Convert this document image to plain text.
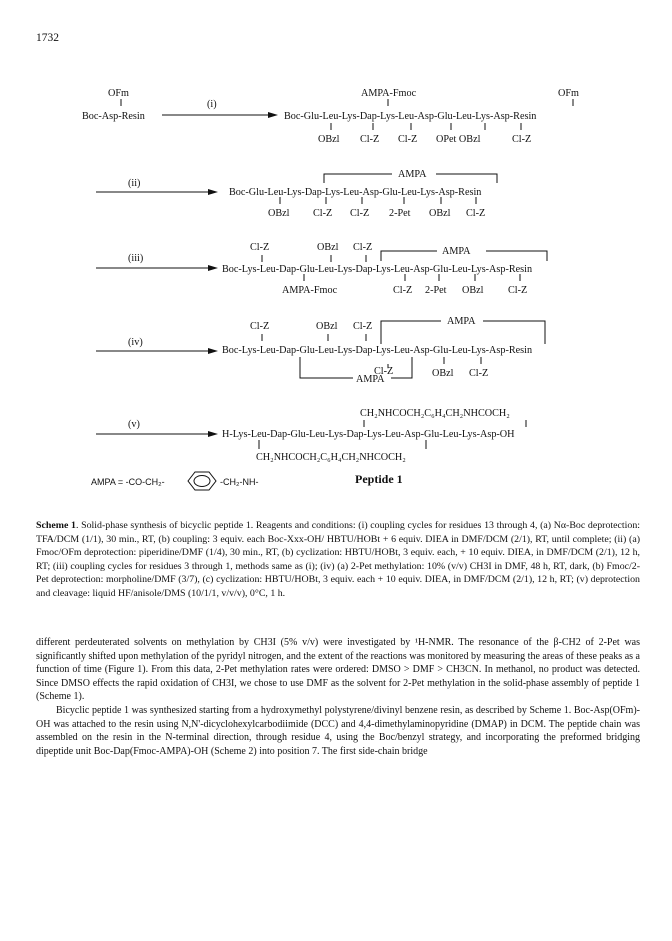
1732
(i)
(ii)
(iii)
(iv)
(v)
OFm
Boc-Asp-Resin
AMPA-Fmoc	OFm
Boc-Glu-Leu-Lys-Dap-Lys-Leu-Asp-Glu-Leu-Lys-Asp-Resin
OBzl Cl-Z Cl-Z OPet OBzl	Cl-Z
AMPA
Boc-Glu-Leu-Lys-Dap-Lys-Leu-Asp-Glu-Leu-Lys-Asp-Resin
OBzl Cl-Z Cl-Z 2-Pet OBzl Cl-Z
Cl-Z	OBzl Cl-Z	AMPA
Boc-Lys-Leu-Dap-Glu-Leu-Lys-Dap-Lys-Leu-Asp-Glu-Leu-Lys-Asp-Resin
AMPA-Fmoc	Cl-Z 2-Pet OBzl Cl-Z
Cl-Z	OBzl Cl-Z	AMPA
Boc-Lys-Leu-Dap-Glu-Leu-Lys-Dap-Lys-Leu-Asp-Glu-Leu-Lys-Asp-Resin
Cl-Z
AMPA
OBzl Cl-Z
CH₂NHCOCH₂C₆H₄CH₂NHCOCH₂
H-Lys-Leu-Dap-Glu-Leu-Lys-Dap-Lys-Leu-Asp-Glu-Leu-Lys-Asp-OH
CH₂NHCOCH₂C₆H₄CH₂NHCOCH₂
AMPA = -CO-CH₂-	-CH₂-NH-	Peptide 1
Scheme 1. Solid-phase synthesis of bicyclic peptide 1. Reagents and conditions: (i) coupling cycles for residues 13 through 4, (a) Nα-Boc deprotection: TFA/DCM (1/1), 30 min., RT, (b) coupling: 3 equiv. each Boc-Xxx-OH/ HBTU/HOBt + 6 equiv. DIEA in DMF/DCM (2/1), RT, until complete; (ii) (a) Fmoc/OFm deprotection: piperidine/DMF (1/4), 30 min., RT, (b) cyclization: HBTU/HOBt, 3 equiv. each, + 10 equiv. DIEA, in DMF/DCM (2/1), 12 h, RT; (iii) coupling cycles for residues 3 through 1, methods same as (i); (iv) (a) 2-Pet methylation: 10% (v/v) CH3I in DMF, 48 h, RT, dark, (b) Fmoc/2-Pet deprotection: morpholine/DMF (3/7), (c) cyclization: HBTU/HOBt, 3 equiv. each + 10 equiv. DIEA, in DMF/DCM (2/1), 12 h, RT; (v) deprotection and cleavage: liquid HF/anisole/DMS (10/1/1, v/v/v), 0°C, 1 h.

different perdeuterated solvents on methylation by CH3I (5% v/v) were investigated by ¹H-NMR. The resonance of the β-CH2 of 2-Pet was significantly shifted upon methylation of the pyridyl nitrogen, and the extent of the reactions was monitored by measuring the areas of these peaks as a function of time (Figure 1). From this data, 2-Pet methylation rates were ordered: DMSO > DMF > CH3CN. In methanol, no product was detected. Since DMSO effects the rapid oxidation of CH3I, we chose to use DMF as the solvent for 2-Pet methylation in the solid-phase assembly of peptide 1 (Scheme 1).

Bicyclic peptide 1 was synthesized starting from a hydroxymethyl polystyrene/divinyl benzene resin, as described by Scheme 1. Boc-Asp(OFm)-OH was attached to the resin using N,N'-dicyclohexylcarbodiimide (DCC) and 4,4-dimethylaminopyridine (DMAP) in DCM. The peptide chain was assembled on the resin in the N-terminal direction, through residue 4, using the Boc/benzyl strategy, and incorporating the preformed bridging dipeptide unit Boc-Dap(Fmoc-AMPA)-OH (Scheme 2) into position 7. The first side-chain bridge
